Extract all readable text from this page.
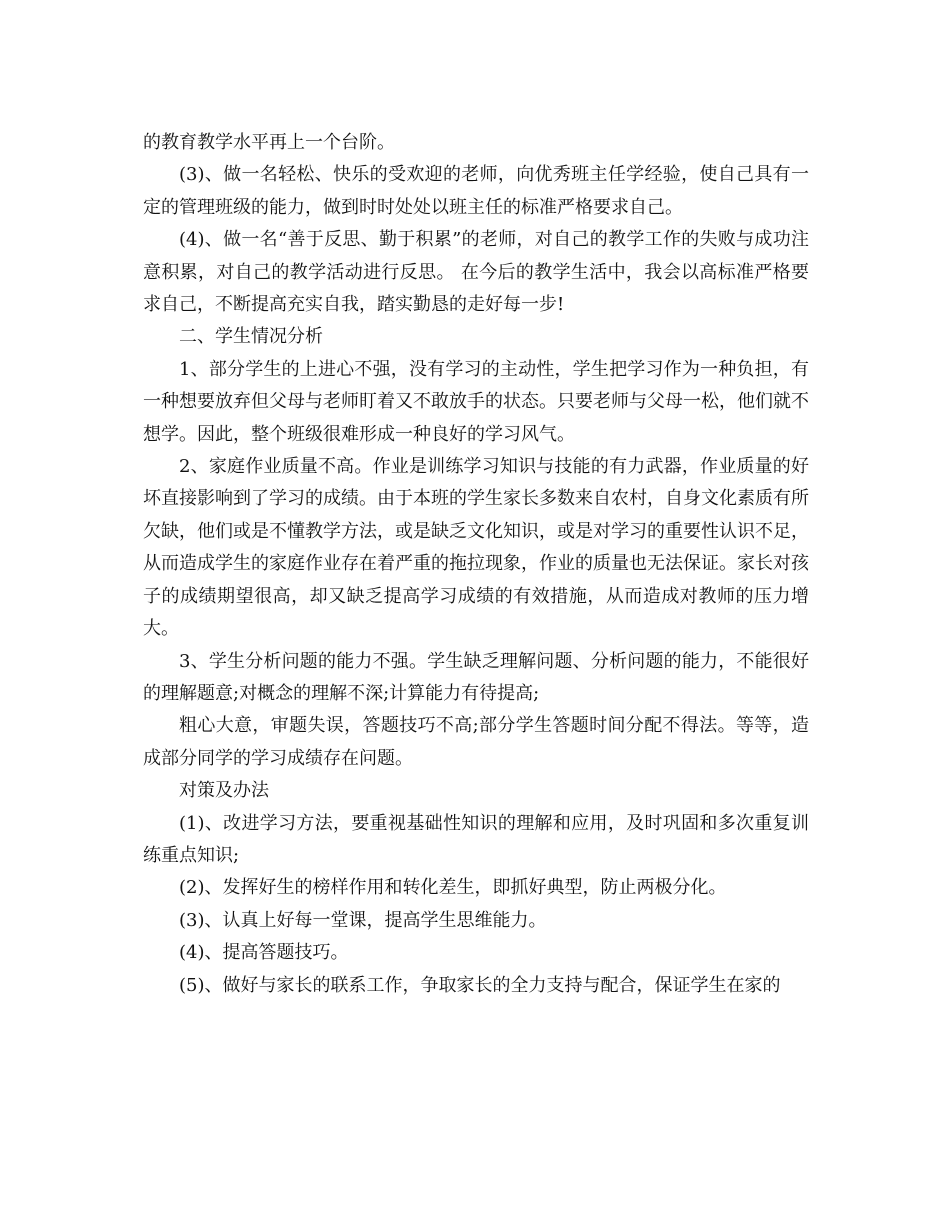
的教育教学水平再上一个台阶。

(3)、做一名轻松、快乐的受欢迎的老师，向优秀班主任学经验，使自己具有一定的管理班级的能力，做到时时处处以班主任的标准严格要求自己。

(4)、做一名“善于反思、勤于积累”的老师，对自己的教学工作的失败与成功注意积累，对自己的教学活动进行反思。 在今后的教学生活中，我会以高标准严格要求自己，不断提高充实自我，踏实勤恳的走好每一步!

二、学生情况分析

1、部分学生的上进心不强，没有学习的主动性，学生把学习作为一种负担，有一种想要放弃但父母与老师盯着又不敢放手的状态。只要老师与父母一松，他们就不想学。因此，整个班级很难形成一种良好的学习风气。

2、家庭作业质量不高。作业是训练学习知识与技能的有力武器，作业质量的好坏直接影响到了学习的成绩。由于本班的学生家长多数来自农村，自身文化素质有所欠缺，他们或是不懂教学方法，或是缺乏文化知识，或是对学习的重要性认识不足，从而造成学生的家庭作业存在着严重的拖拉现象，作业的质量也无法保证。家长对孩子的成绩期望很高，却又缺乏提高学习成绩的有效措施，从而造成对教师的压力增大。

3、学生分析问题的能力不强。学生缺乏理解问题、分析问题的能力，不能很好的理解题意;对概念的理解不深;计算能力有待提高;

粗心大意，审题失误，答题技巧不高;部分学生答题时间分配不得法。等等，造成部分同学的学习成绩存在问题。

对策及办法

(1)、改进学习方法，要重视基础性知识的理解和应用，及时巩固和多次重复训练重点知识;

(2)、发挥好生的榜样作用和转化差生，即抓好典型，防止两极分化。

(3)、认真上好每一堂课，提高学生思维能力。

(4)、提高答题技巧。

(5)、做好与家长的联系工作，争取家长的全力支持与配合，保证学生在家的
